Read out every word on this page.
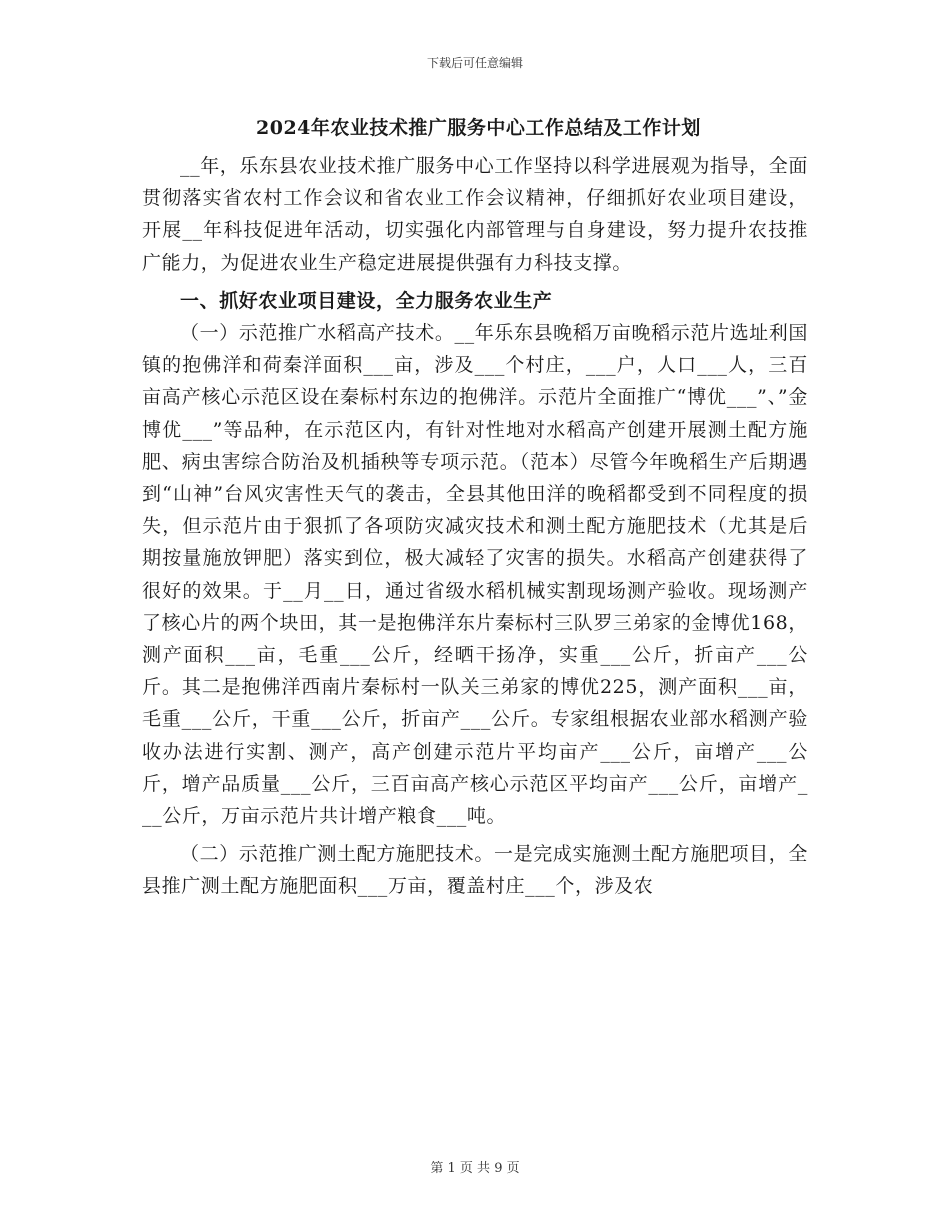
下载后可任意编辑
2024年农业技术推广服务中心工作总结及工作计划

__年，乐东县农业技术推广服务中心工作坚持以科学进展观为指导，全面贯彻落实省农村工作会议和省农业工作会议精神，仔细抓好农业项目建设，开展__年科技促进年活动，切实强化内部管理与自身建设，努力提升农技推广能力，为促进农业生产稳定进展提供强有力科技支撑。

一、抓好农业项目建设，全力服务农业生产

（一）示范推广水稻高产技术。__年乐东县晚稻万亩晚稻示范片选址利国镇的抱佛洋和荷秦洋面积___亩，涉及___个村庄，___户，人口___人，三百亩高产核心示范区设在秦标村东边的抱佛洋。示范片全面推广“博优___”、”金博优___”等品种，在示范区内，有针对性地对水稻高产创建开展测土配方施肥、病虫害综合防治及机插秧等专项示范。（范本）尽管今年晚稻生产后期遇到“山神”台风灾害性天气的袭击，全县其他田洋的晚稻都受到不同程度的损失，但示范片由于狠抓了各项防灾减灾技术和测土配方施肥技术（尤其是后期按量施放钾肥）落实到位，极大减轻了灾害的损失。水稻高产创建获得了很好的效果。于__月__日，通过省级水稻机械实割现场测产验收。现场测产了核心片的两个块田，其一是抱佛洋东片秦标村三队罗三弟家的金博优168，测产面积___亩，毛重___公斤，经晒干扬净，实重___公斤，折亩产___公斤。其二是抱佛洋西南片秦标村一队关三弟家的博优225，测产面积___亩，毛重___公斤，干重___公斤，折亩产___公斤。专家组根据农业部水稻测产验收办法进行实割、测产，高产创建示范片平均亩产___公斤，亩增产___公斤，增产品质量___公斤，三百亩高产核心示范区平均亩产___公斤，亩增产___公斤，万亩示范片共计增产粮食___吨。

（二）示范推广测土配方施肥技术。一是完成实施测土配方施肥项目，全县推广测土配方施肥面积___万亩，覆盖村庄___个，涉及农

第 1 页 共 9 页
